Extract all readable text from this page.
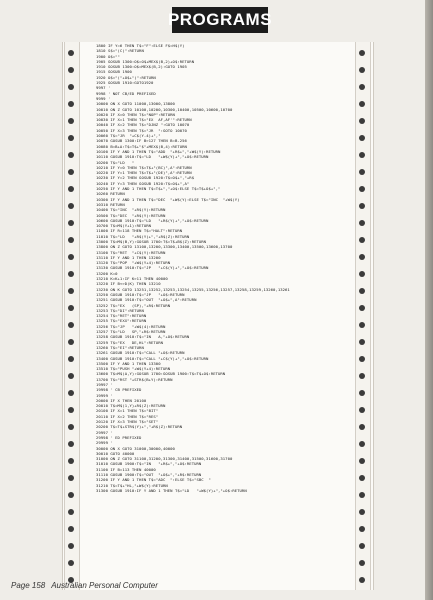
PROGRAMS
1800 IF Y=6 THEN T$="F":ELSE F$=H$(Y)
1810 S$="(C)":RETURN
1900 O$=""
1905 GOSUB 1300:O$=O$+MEX$(B,2)+O$:RETURN
1910 GOSUB 1300:O$=MEX$(B,2):GOTO 1905
1915 GOSUB 1900
1920 O$="("+O$+")":RETURN
1925 GOSUB 1910:GOTO1920
9997 '
9998 ' NOT CB/ED PREFIXED
9999 '
10000 ON X GOTO 11000,13000,13800
10010 ON Z GOTO 10100,10200,10300,10400,10500,10600,10700
10020 IF X=0 THEN T$="NOP":RETURN
10030 IF X=1 THEN T$="EX  AF,AF'":RETURN
10040 IF X=2 THEN T$="DJNZ ":GOTO 10070
10050 IF X=3 THEN T$="JR  ":GOTO 10070
10060 T$="JR  "+C$(Y-4)+","
10070 GOSUB 1300:IF B>127 THEN B=B-256
10080 B=B+A:T$=T$+"$"+MEX$(B,4):RETURN
10100 IF Y AND 1 THEN T$="ADD  "+R$+","+W$(Y):RETURN
10110 GOSUB 1910:T$="LD   "+W$(Y)+","+O$:RETURN
10200 T$="LD   "
10210 IF Y=0 THEN T$=T$+"(BC)",A":RETURN
10220 IF Y=1 THEN T$=T$+"(DE)",A":RETURN
10230 IF Y=2 THEN GOSUB 1920:T$=O$+","+R$
10240 IF Y=3 THEN GOSUB 1920:T$=O$+",A"
10250 IF Y AND 1 THEN T$=T$+","+O$:ELSE T$=T$+O$+","
10260 RETURN
10300 IF Y AND 1 THEN T$="DEC  "+W$(Y):ELSE T$="INC  "+W$(Y)
10310 RETURN
10400 T$="INC  "+R$(Y):RETURN
10500 T$="DEC  "+R$(Y):RETURN
10600 GOSUB 1910:T$="LD   "+R$(Y)+","+O$:RETURN
10700 T$=M$(Y+1):RETURN
11000 IF R=118 THEN T$="HALT":RETURN
11010 T$="LD   "+R$(Y)+","+R$(Z):RETURN
13000 T$=M$(B,Y):GOSUB 1700:T$=T$+B$(Z):RETURN
13800 ON Z GOTO 13100,13200,13300,13400,13500,13600,13700
13100 T$="RET  "+C$(Y):RETURN
13110 IF Y AND 1 THEN 13200
13120 T$="POP  "+W$(Y+4):RETURN
13130 GOSUB 1910:T$="JP   "+C$(Y)+","+O$:RETURN
13200 K=0
13210 K=K+1:IF K>11 THEN 40000
13220 IF B<>D(K) THEN 13210
13230 ON K GOTO 13251,13252,13253,13254,13255,13256,13257,13258,13259,13260,13261
13250 GOSUB 1910:T$="JP   "+O$:RETURN
13251 GOSUB 1910:T$="OUT  "+O$+",A":RETURN
13252 T$="EX   (SP),"+R$:RETURN
13253 T$="DI":RETURN
13254 T$="RET":RETURN
13255 T$="EXX":RETURN
13256 T$="JP   "+W$(4):RETURN
13257 T$="LD   SP,"+R$:RETURN
13258 GOSUB 1910:T$="IN   A,"+O$:RETURN
13259 T$="EX   DE,HL":RETURN
13260 T$="EI":RETURN
13261 GOSUB 1910:T$="CALL "+O$:RETURN
13400 GOSUB 1910:T$="CALL "+C$(Y)+","+O$:RETURN
13500 IF Y AND 1 THEN 13300
13510 T$="PUSH "+W$(Y+4):RETURN
13600 T$=M$(A,Y):GOSUB 1700:GOSUB 1900:T$=T$+O$:RETURN
13700 T$="RST "+STR$(B+Y):RETURN
19997 '
19998 ' CB PREFIXED
19999 '
20000 IF X THEN 20100
20010 T$=M$(1,Y)+R$(Z):RETURN
20100 IF X=1 THEN T$="BIT"
20110 IF X=2 THEN T$="RES"
20120 IF X=3 THEN T$="SET"
20200 T$=T$+STR$(Y)+","+R$(Z):RETURN
29997 '
29998 ' ED PREFIXED
29999 '
30000 ON X GOTO 31000,30000,40000
30010 GOTO 40000
31000 ON Z GOTO 31100,31200,31300,31400,31500,31600,31700
31010 GOSUB 1900:T$="IN   "+R$+","+O$:RETURN
31100 IF B=113 THEN 40000
31110 GOSUB 1900:T$="OUT  "+O$+","+R$:RETURN
31200 IF Y AND 1 THEN T$="ADC  ":ELSE T$="SBC  "
31210 T$=T$+"HL,"+W$(Y):RETURN
31300 GOSUB 1910:IF Y AND 1 THEN T$="LD   "+W$(Y)+","+O$:RETURN
Page 158 Australian Personal Computer
